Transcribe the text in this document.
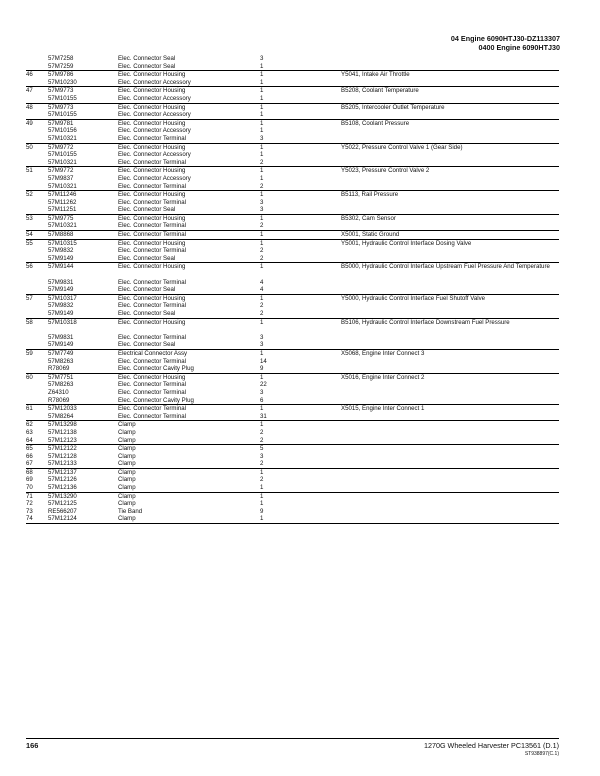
04 Engine 6090HTJ30-DZ113307
0400 Engine 6090HTJ30
57M7258	Elec. Connector Seal	3
57M7259	Elec. Connector Seal	1
46	57M9786	Elec. Connector Housing	1	Y5041, Intake Air Throttle
57M10230	Elec. Connector Accessory	1
47	57M9773	Elec. Connector Housing	1	B5208, Coolant Temperature
57M10155	Elec. Connector Accessory	1
48	57M9773	Elec. Connector Housing	1	B5205, Intercooler Outlet Temperature
57M10155	Elec. Connector Accessory	1
49	57M9781	Elec. Connector Housing	1	B5108, Coolant Pressure
57M10156	Elec. Connector Accessory	1
57M10321	Elec. Connector Terminal	3
50	57M9772	Elec. Connector Housing	1	Y5022, Pressure Control Valve 1 (Gear Side)
57M10155	Elec. Connector Accessory	1
57M10321	Elec. Connector Terminal	2
51	57M9772	Elec. Connector Housing	1	Y5023, Pressure Control Valve 2
57M9837	Elec. Connector Accessory	1
57M10321	Elec. Connector Terminal	2
52	57M11246	Elec. Connector Housing	1	B5113, Rail Pressure
57M11262	Elec. Connector Terminal	3
57M11251	Elec. Connector Seal	3
53	57M9775	Elec. Connector Housing	1	B5302, Cam Sensor
57M10321	Elec. Connector Terminal	2
54	57M8868	Elec. Connector Terminal	1	X5001, Static Ground
55	57M10315	Elec. Connector Housing	1	Y5001, Hydraulic Control Interface Dosing Valve
57M9832	Elec. Connector Terminal	2
57M9149	Elec. Connector Seal	2
56	57M9144	Elec. Connector Housing	1	B5000, Hydraulic Control Interface Upstream Fuel Pressure And Temperature
57M9831	Elec. Connector Terminal	4
57M9149	Elec. Connector Seal	4
57	57M10317	Elec. Connector Housing	1	Y5000, Hydraulic Control Interface Fuel Shutoff Valve
57M9832	Elec. Connector Terminal	2
57M9149	Elec. Connector Seal	2
58	57M10318	Elec. Connector Housing	1	B5106, Hydraulic Control Interface Downstream Fuel Pressure
57M9831	Elec. Connector Terminal	3
57M9149	Elec. Connector Seal	3
59	57M7749	Electrical Connector Assy	1	X5068, Engine Inter Connect 3
57M8263	Elec. Connector Terminal	14
R78069	Elec. Connector Cavity Plug	9
60	57M7751	Elec. Connector Housing	1	X5016, Engine Inter Connect 2
57M8263	Elec. Connector Terminal	22
Z64310	Elec. Connector Terminal	3
R78069	Elec. Connector Cavity Plug	6
61	57M12033	Elec. Connector Terminal	1	X5015, Engine Inter Connect 1
57M8264	Elec. Connector Terminal	31
62	57M13298	Clamp	1
63	57M12138	Clamp	2
64	57M12123	Clamp	2
65	57M12122	Clamp	5
66	57M12128	Clamp	3
67	57M12133	Clamp	2
68	57M12137	Clamp	1
69	57M12126	Clamp	2
70	57M12136	Clamp	1
71	57M13290	Clamp	1
72	57M12125	Clamp	1
73	RE566207	Tie Band	9
74	57M12124	Clamp	1
166	1270G Wheeled Harvester PC13561 (D.1)
ST938897(C.1)
